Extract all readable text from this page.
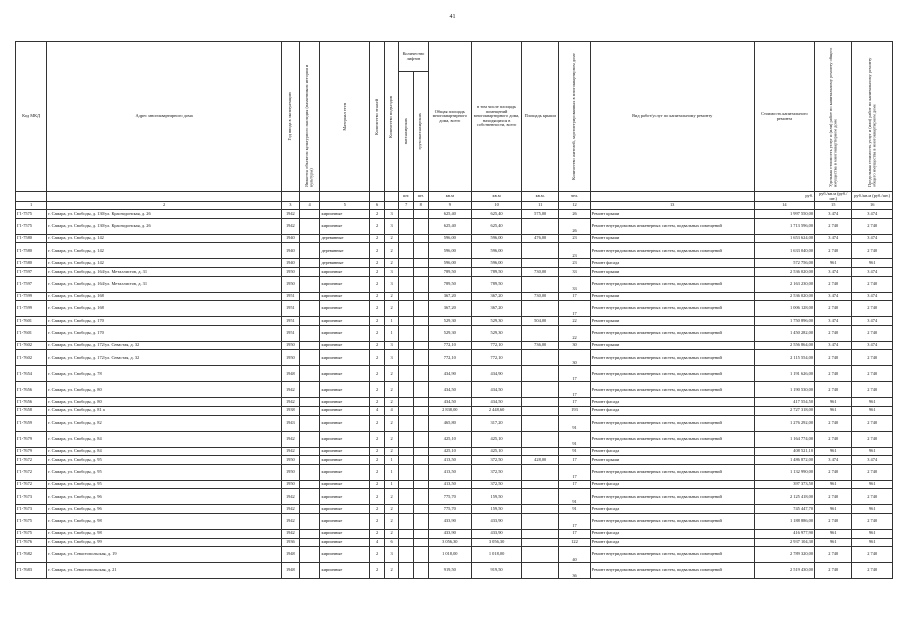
41
Код МКД	Адрес многоквартирного дома	Год ввода в эксплуатацию	Является объектом культурного наследия (памятником истории и культуры)	Материал стен	Количество этажей	Количество подъездов	Количество лифтов		Общая площадь многоквартирного дома, всего	в том числе площадь помещений многоквартирного дома, находящихся в собственности, всего	Площадь крыши	Количество жителей, зарегистрированных в многоквартирном доме	Вид работ/услуг по капитальному ремонту	Стоимость капитального ремонта	Удельная стоимость услуг и (или) работ по капитальному ремонту общего имущества в многоквартирном доме	Предельная стоимость услуг и (или) работ по капитальному ремонту общего имущества в многоквартирном доме

							пассажирских	грузопассажирских								

							шт.	шт.	кв.м	кв.м	кв.м.	чел.		руб.	руб./кв.м (руб./шт.)	руб./кв.м (руб./шт.)
1	2	3	4	5	6		7	8	9	10	11	12	13	14	15	16
Г1-7575	г. Самара, ул. Свободы, д. 130/ул. Краснодонская, д. 26	1942		кирпичные	2	3			625,40	625,40	575,00	26	Ремонт крыши	1 997 550,00	3 474	3 474
Г1-7575	г. Самара, ул. Свободы, д. 130/ул. Краснодонская, д. 26	1942		кирпичные	2	3			625,40	625,40		26	Ремонт внутридомовых инженерных систем, подвальных помещений	1 713 596,00	2 740	2 740
Г1-7580	г. Самара, ул. Свободы, д. 142	1940		деревянные	2	2			596,00	596,00	476,00	23	Ремонт крыши	1 653 624,00	3 474	3 474
Г1-7580	г. Самара, ул. Свободы, д. 142	1940		деревянные	2	2			596,00	596,00		23	Ремонт внутридомовых инженерных систем, подвальных помещений	1 633 040,00	2 740	2 740
Г1-7580	г. Самара, ул. Свободы, д. 142	1940		деревянные	2	2			596,00	596,00		23	Ремонт фасада	572 756,00	961	961
Г1-7597	г. Самара, ул. Свободы, д. 164/ул. Металлистов, д. 31	1950		кирпичные	2	3			789,50	789,50	730,00	33	Ремонт крыши	2 536 020,00	3 474	3 474
Г1-7597	г. Самара, ул. Свободы, д. 164/ул. Металлистов, д. 31	1950		кирпичные	2	3			789,50	789,50		33	Ремонт внутридомовых инженерных систем, подвальных помещений	2 163 230,00	2 740	2 740
Г1-7599	г. Самара, ул. Свободы, д. 168	1951		кирпичные	2	2			367,20	367,20	730,00	17	Ремонт крыши	2 536 020,00	3 474	3 474
Г1-7599	г. Самара, ул. Свободы, д. 168	1951		кирпичные	2	2			367,20	367,20		17	Ремонт внутридомовых инженерных систем, подвальных помещений	1 006 128,00	2 740	2 740
Г1-7601	г. Самара, ул. Свободы, д. 170	1951		кирпичные	2	1			529,30	529,30	504,00	22	Ремонт крыши	1 750 896,00	3 474	3 474
Г1-7601	г. Самара, ул. Свободы, д. 170	1951		кирпичные	2	1			529,30	529,30		22	Ремонт внутридомовых инженерных систем, подвальных помещений	1 450 282,00	2 740	2 740
Г1-7602	г. Самара, ул. Свободы, д. 172/ул. Севастая, д. 32	1950		кирпичные	2	3			772,10	772,10	736,00	30	Ремонт крыши	2 556 864,00	3 474	3 474
Г1-7602	г. Самара, ул. Свободы, д. 172/ул. Севастая, д. 32	1950		кирпичные	2	3			772,10	772,10		30	Ремонт внутридомовых инженерных систем, подвальных помещений	2 115 554,00	2 740	2 740
Г1-7654	г. Самара, ул. Свободы, д. 78	1948		кирпичные	2	2			434,90	434,90		17	Ремонт внутридомовых инженерных систем, подвальных помещений	1 191 626,00	2 740	2 740
Г1-7656	г. Самара, ул. Свободы, д. 80	1942		кирпичные	2	2			434,50	434,50		17	Ремонт внутридомовых инженерных систем, подвальных помещений	1 190 530,00	2 740	2 740
Г1-7656	г. Самара, ул. Свободы, д. 80	1942		кирпичные	2	2			434,50	434,50		17	Ремонт фасада	417 554,50	961	961
Г1-7658	г. Самара, ул. Свободы, д. 81 а	1938		кирпичные	4	4			2 838,00	2 448,60		193	Ремонт фасада	2 727 318,00	961	961
Г1-7659	г. Самара, ул. Свободы, д. 82	1943		кирпичные	2	2			465,80	317,20		91	Ремонт внутридомовых инженерных систем, подвальных помещений	1 276 292,00	2 740	2 740
Г1-7679	г. Самара, ул. Свободы, д. 84	1942		кирпичные	2	2			425,10	425,10		91	Ремонт внутридомовых инженерных систем, подвальных помещений	1 164 774,00	2 740	2 740
Г1-7679	г. Самара, ул. Свободы, д. 84	1942		кирпичные	2	2			425,10	425,10		91	Ремонт фасада	408 521,10	961	961
Г1-7672	г. Самара, ул. Свободы, д. 95	1950		кирпичные	2	1			413,50	372,50	428,00	17	Ремонт крыши	1 486 872,00	3 474	3 474
Г1-7672	г. Самара, ул. Свободы, д. 95	1950		кирпичные	2	1			413,50	372,50		17	Ремонт внутридомовых инженерных систем, подвальных помещений	1 132 990,00	2 740	2 740
Г1-7672	г. Самара, ул. Свободы, д. 95	1950		кирпичные	2	1			413,50	372,50		17	Ремонт фасада	397 373,50	961	961
Г1-7673	г. Самара, ул. Свободы, д. 96	1942		кирпичные	2	2			775,70	159,50		91	Ремонт внутридомовых инженерных систем, подвальных помещений	2 125 418,00	2 740	2 740
Г1-7673	г. Самара, ул. Свободы, д. 96	1942		кирпичные	2	2			775,70	159,50		91	Ремонт фасада	745 447,70	961	961
Г1-7675	г. Самара, ул. Свободы, д. 98	1942		кирпичные	2	2			433,90	433,90		17	Ремонт внутридомовых инженерных систем, подвальных помещений	1 188 886,00	2 740	2 740
Г1-7675	г. Самара, ул. Свободы, д. 98	1942		кирпичные	2	2			433,90	433,90		17	Ремонт фасада	416 977,90	961	961
Г1-7676	г. Самара, ул. Свободы, д. 99	1936		кирпичные	4	6			3 056,30	3 056,30		122	Ремонт фасада	2 937 104,30	961	961
Г1-7682	г. Самара, ул. Севастопольская, д. 19	1948		кирпичные	2	3			1 018,00	1 018,00		40	Ремонт внутридомовых инженерных систем, подвальных помещений	2 789 320,00	2 740	2 740
Г1-7683	г. Самара, ул. Севастопольская, д. 21	1948		кирпичные	2	2			919,50	919,50		36	Ремонт внутридомовых инженерных систем, подвальных помещений	2 519 430,00	2 740	2 740
